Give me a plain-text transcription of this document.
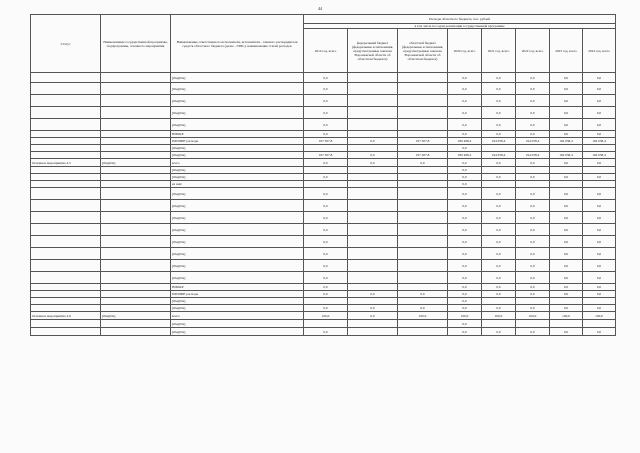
44
Статус	Наименование государственной программы, подпрограммы, основного мероприятия	Наименование ответственного исполнителя, исполнителя - главного распорядителя средств областного бюджета (далее - ГРБС), наименование статей расходов	Расходы областного бюджета, тыс. рублей							
			в том числе по годам реализации государственной программы							
			2014 год, всего	федеральный бюджет (федеральные ассигнования, предусмотренные законом Воронежской области об областном бюджете)	областной бюджет (федеральные ассигнования, предусмотренные законом Воронежской области об областном бюджете)	2020 год, всего	2021 год, всего	2022 год, всего	2023 год, всего	2024 год, всего
		[illegible]	0,0			0,0	0,0	0,0	0,0	0,0
		[illegible]	0,0			0,0	0,0	0,0	0,0	0,0
		[illegible]	0,0			0,0	0,0	0,0	0,0	0,0
		[illegible]	0,0			0,0	0,0	0,0	0,0	0,0
		[illegible]	0,0			0,0	0,0	0,0	0,0	0,0
		НИОКР	0,0			0,0	0,0	0,0	0,0	0,0
		ПРОЧИЕ расходы	197 307,8	0,0	197 307,8	180 468,2	194 058,4	194 058,4	194 058,4	194 058,4
		[illegible]				0,0				
		[illegible]	197 307,8	0,0	197 307,8	180 468,2	194 058,4	194 058,4	194 058,4	194 058,4
Основное мероприятие 4.5	[illegible]	всего	0,0	0,0	0,0	0,0	0,0	0,0	0,0	0,0
		[illegible]				0,0				
		[illegible]	0,0			0,0	0,0	0,0	0,0	0,0
		из них:				0,0				
		[illegible]	0,0			0,0	0,0	0,0	0,0	0,0
		[illegible]	0,0			0,0	0,0	0,0	0,0	0,0
		[illegible]	0,0			0,0	0,0	0,0	0,0	0,0
		[illegible]	0,0			0,0	0,0	0,0	0,0	0,0
		[illegible]	0,0			0,0	0,0	0,0	0,0	0,0
		[illegible]	0,0			0,0	0,0	0,0	0,0	0,0
		[illegible]	0,0			0,0	0,0	0,0	0,0	0,0
		[illegible]	0,0			0,0	0,0	0,0	0,0	0,0
		НИОКР	0,0			0,0	0,0	0,0	0,0	0,0
		ПРОЧИЕ расходы	0,0	0,0	0,0	0,0	0,0	0,0	0,0	0,0
		[illegible]				0,0				
		[illegible]	0,0	0,0	0,0	0,0	0,0	0,0	0,0	0,0
Основное мероприятие 4.6	[illegible]	всего	100,0	0,0	100,0	100,0	100,0	100,0	100,0	100,0
		[illegible]				0,0				
		[illegible]	0,0			0,0	0,0	0,0	0,0	0,0
